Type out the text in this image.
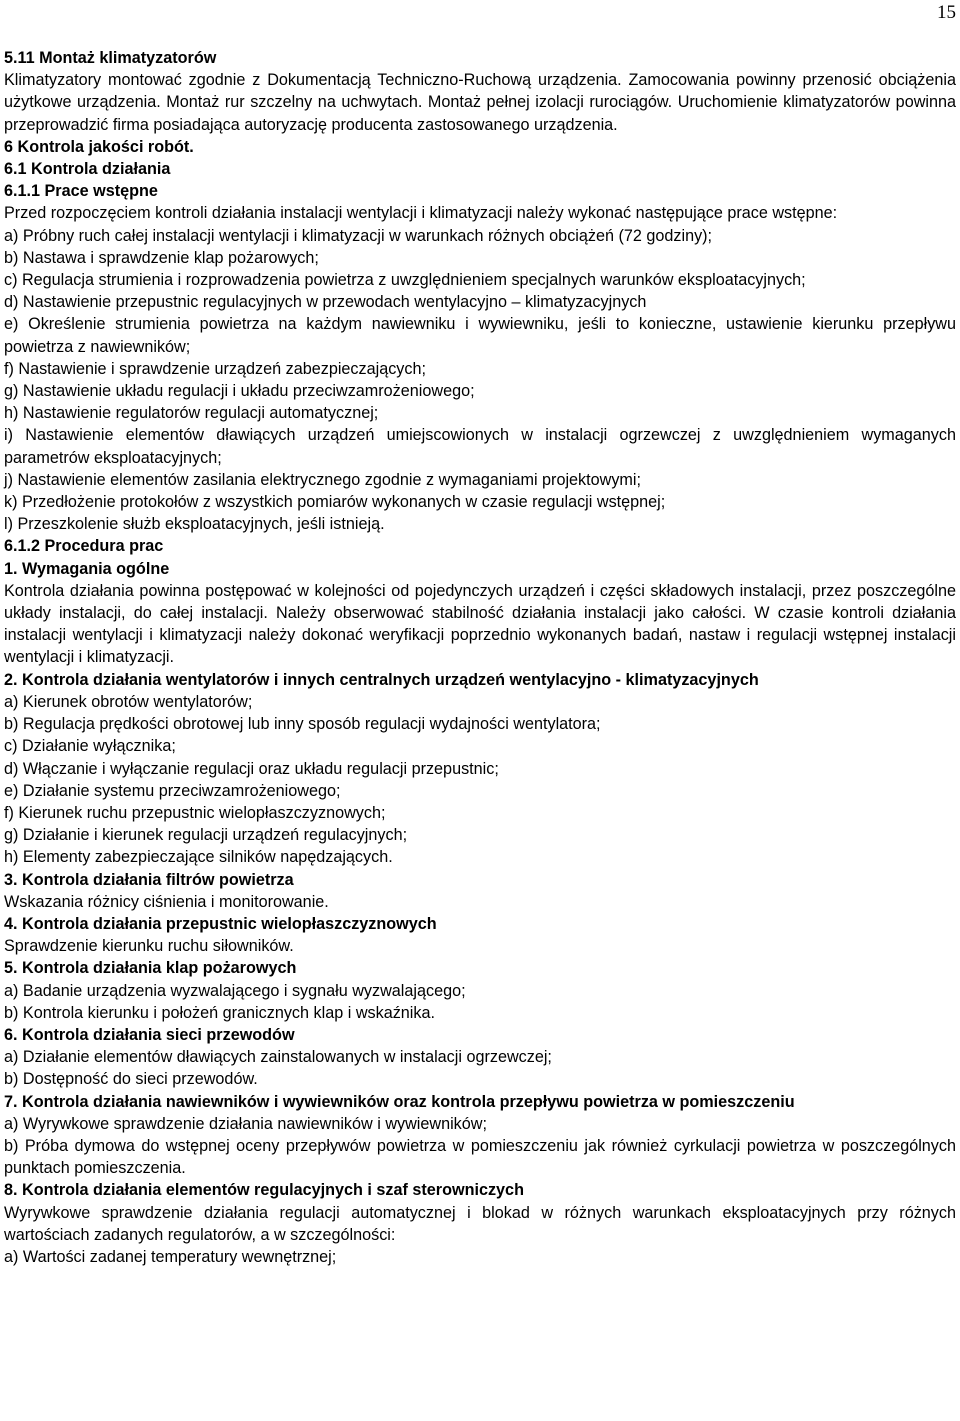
15

5.11 Montaż klimatyzatorów

Klimatyzatory montować zgodnie z Dokumentacją Techniczno-Ruchową urządzenia. Zamocowania powinny przenosić obciążenia użytkowe urządzenia. Montaż rur szczelny na uchwytach. Montaż pełnej izolacji rurociągów. Uruchomienie klimatyzatorów powinna przeprowadzić firma posiadająca autoryzację producenta zastosowanego urządzenia.

6 Kontrola jakości robót.

6.1 Kontrola działania

6.1.1 Prace wstępne

Przed rozpoczęciem kontroli działania instalacji wentylacji i klimatyzacji należy wykonać następujące prace wstępne:

a) Próbny ruch całej instalacji wentylacji i klimatyzacji w warunkach różnych obciążeń (72 godziny);

b) Nastawa i sprawdzenie klap pożarowych;

c) Regulacja strumienia i rozprowadzenia powietrza z uwzględnieniem specjalnych warunków eksploatacyjnych;

d) Nastawienie przepustnic regulacyjnych w przewodach wentylacyjno – klimatyzacyjnych

e) Określenie strumienia powietrza na każdym nawiewniku i wywiewniku, jeśli to konieczne, ustawienie kierunku przepływu powietrza z nawiewników;

f) Nastawienie i sprawdzenie urządzeń zabezpieczających;

g) Nastawienie układu regulacji i układu przeciwzamrożeniowego;

h) Nastawienie regulatorów regulacji automatycznej;

i) Nastawienie elementów dławiących urządzeń umiejscowionych w instalacji ogrzewczej z uwzględnieniem wymaganych parametrów eksploatacyjnych;

j) Nastawienie elementów zasilania elektrycznego zgodnie z wymaganiami projektowymi;

k) Przedłożenie protokołów z wszystkich pomiarów wykonanych w czasie regulacji wstępnej;

l) Przeszkolenie służb eksploatacyjnych, jeśli istnieją.

6.1.2 Procedura prac

1. Wymagania ogólne

Kontrola działania powinna postępować w kolejności od pojedynczych urządzeń i części składowych instalacji, przez poszczególne układy instalacji, do całej instalacji. Należy obserwować stabilność działania instalacji jako całości. W czasie kontroli działania instalacji wentylacji i klimatyzacji należy dokonać weryfikacji poprzednio wykonanych badań, nastaw i regulacji wstępnej instalacji wentylacji i klimatyzacji.

2. Kontrola działania wentylatorów i innych centralnych urządzeń wentylacyjno - klimatyzacyjnych

a) Kierunek obrotów wentylatorów;

b) Regulacja prędkości obrotowej lub inny sposób regulacji wydajności wentylatora;

c) Działanie wyłącznika;

d) Włączanie i wyłączanie regulacji oraz układu regulacji przepustnic;

e) Działanie systemu przeciwzamrożeniowego;

f) Kierunek ruchu przepustnic wielopłaszczyznowych;

g) Działanie i kierunek regulacji urządzeń regulacyjnych;

h) Elementy zabezpieczające silników napędzających.

3. Kontrola działania filtrów powietrza

Wskazania różnicy ciśnienia i monitorowanie.

4. Kontrola działania przepustnic wielopłaszczyznowych

Sprawdzenie kierunku ruchu siłowników.

5. Kontrola działania klap pożarowych

a) Badanie urządzenia wyzwalającego i sygnału wyzwalającego;

b) Kontrola kierunku i położeń granicznych klap i wskaźnika.

6. Kontrola działania sieci przewodów

a) Działanie elementów dławiących zainstalowanych w instalacji ogrzewczej;

b) Dostępność do sieci przewodów.

7. Kontrola działania nawiewników i wywiewników oraz kontrola przepływu powietrza w pomieszczeniu

a) Wyrywkowe sprawdzenie działania nawiewników i wywiewników;

b) Próba dymowa do wstępnej oceny przepływów powietrza w pomieszczeniu jak również cyrkulacji powietrza w poszczególnych punktach pomieszczenia.

8. Kontrola działania elementów regulacyjnych i szaf sterowniczych

Wyrywkowe sprawdzenie działania regulacji automatycznej i blokad w różnych warunkach eksploatacyjnych przy różnych wartościach zadanych regulatorów, a w szczególności:

a) Wartości zadanej temperatury wewnętrznej;
